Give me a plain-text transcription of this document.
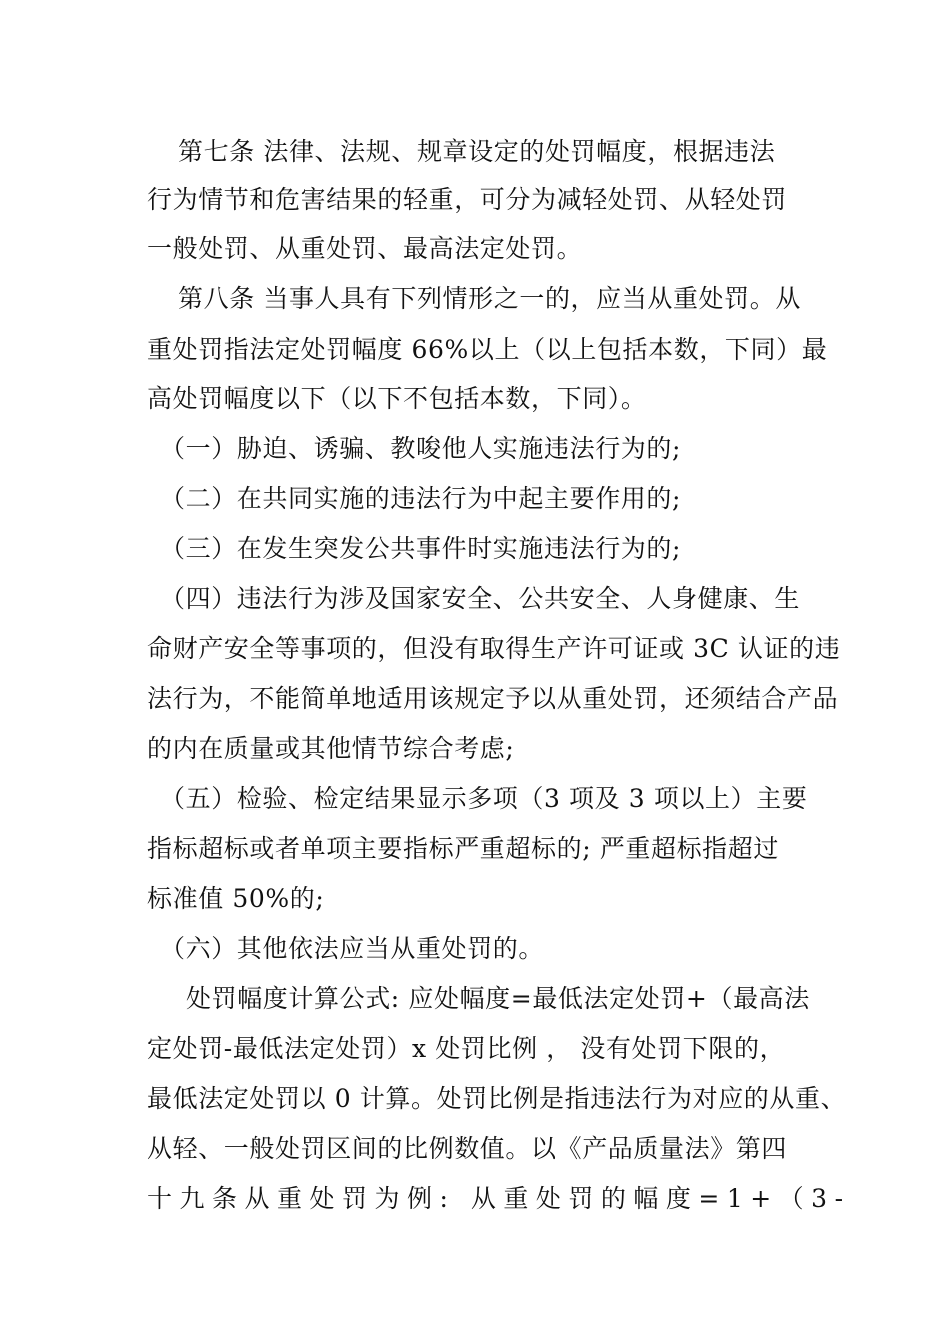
第七条 法律、法规、规章设定的处罚幅度，根据违法
行为情节和危害结果的轻重，可分为减轻处罚、从轻处罚
一般处罚、从重处罚、最高法定处罚。
第八条 当事人具有下列情形之一的，应当从重处罚。从
重处罚指法定处罚幅度 66%以上（以上包括本数，下同）最
高处罚幅度以下（以下不包括本数，下同）。
（一）胁迫、诱骗、教唆他人实施违法行为的;
（二）在共同实施的违法行为中起主要作用的;
（三）在发生突发公共事件时实施违法行为的;
（四）违法行为涉及国家安全、公共安全、人身健康、生
命财产安全等事项的，但没有取得生产许可证或 3C 认证的违
法行为，不能简单地适用该规定予以从重处罚，还须结合产品
的内在质量或其他情节综合考虑;
（五）检验、检定结果显示多项（3 项及 3 项以上）主要
指标超标或者单项主要指标严重超标的; 严重超标指超过
标准值 50%的;
（六）其他依法应当从重处罚的。
处罚幅度计算公式: 应处幅度=最低法定处罚+（最高法
定处罚-最低法定处罚）x 处罚比例 ， 没有处罚下限的，
最低法定处罚以 0 计算。处罚比例是指违法行为对应的从重、
从轻、一般处罚区间的比例数值。以《产品质量法》第四
十九条从重处罚为例: 从重处罚的幅度=1+（3-
